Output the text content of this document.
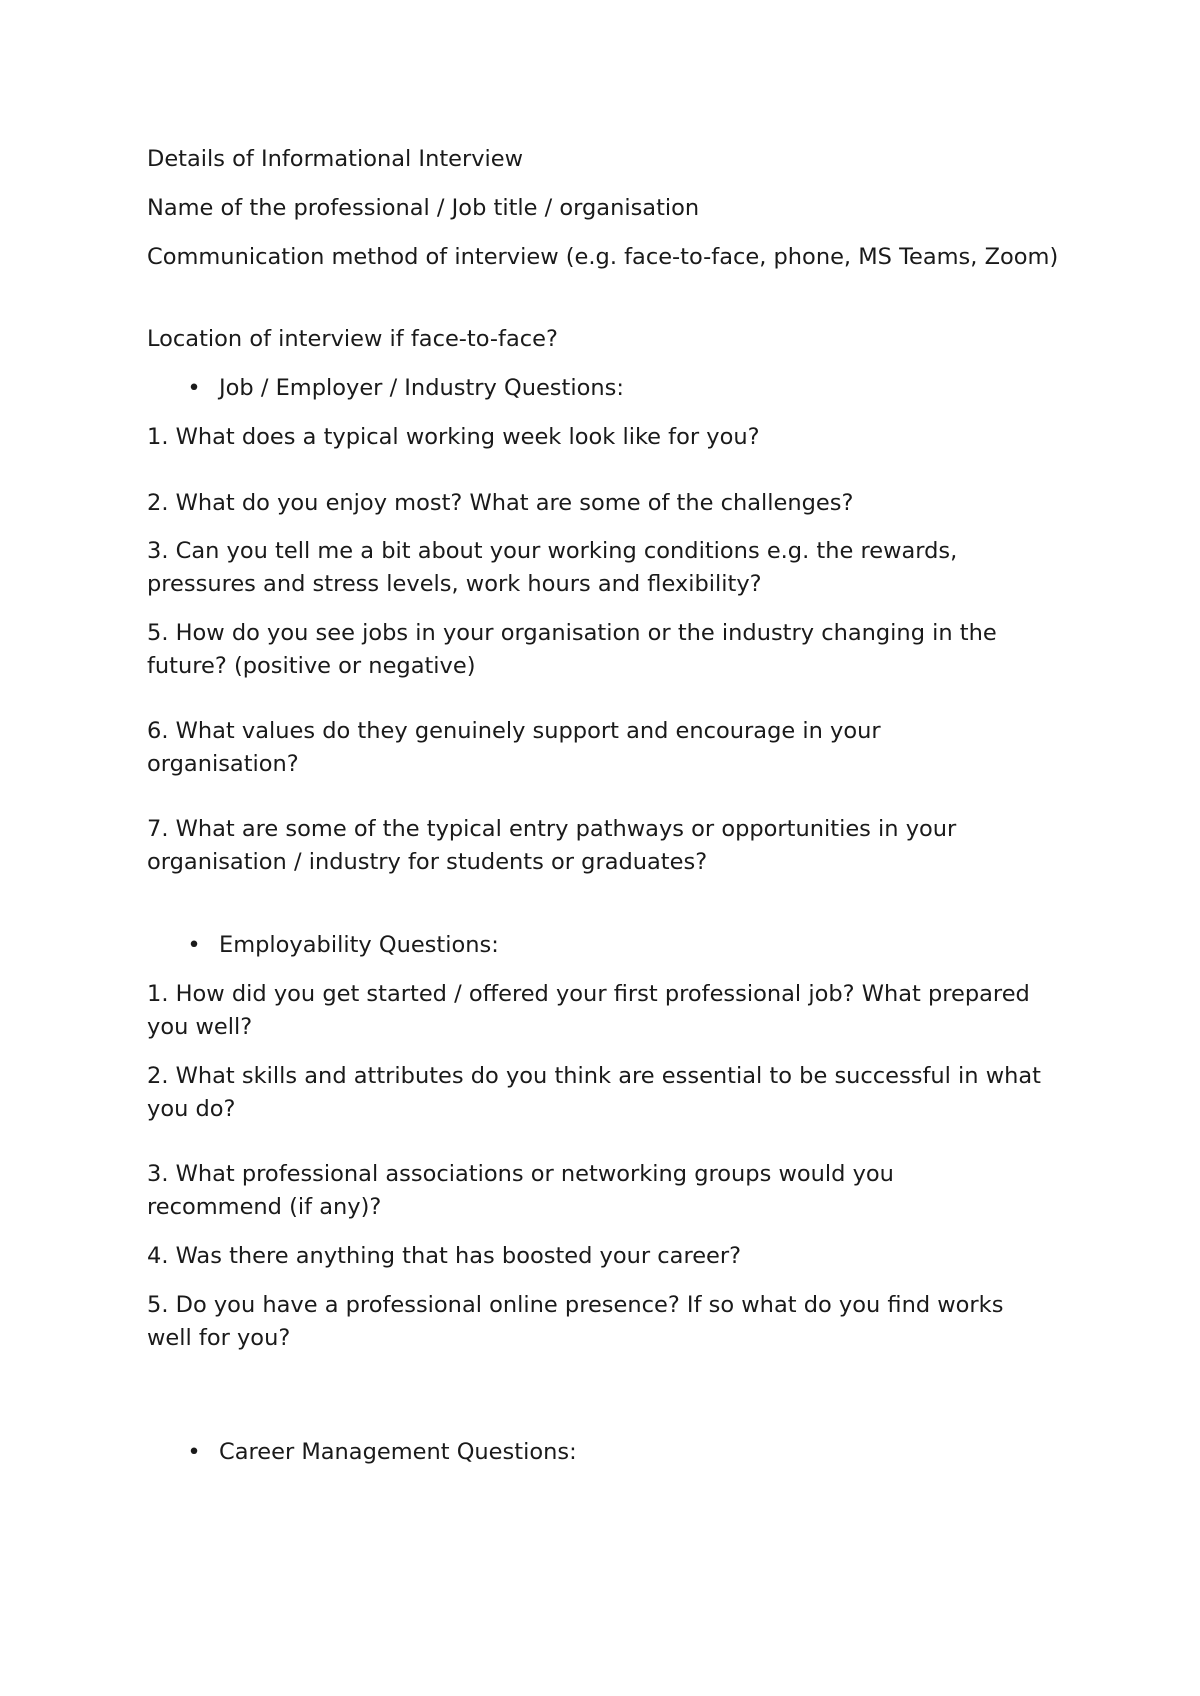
Details of Informational Interview

Name of the professional / Job title / organisation

Communication method of interview (e.g. face-to-face, phone, MS Teams, Zoom)

Location of interview if face-to-face?

• Job / Employer / Industry Questions:

1. What does a typical working week look like for you?

2. What do you enjoy most? What are some of the challenges?

3. Can you tell me a bit about your working conditions e.g. the rewards, pressures and stress levels, work hours and flexibility?

5. How do you see jobs in your organisation or the industry changing in the future? (positive or negative)

6. What values do they genuinely support and encourage in your organisation?

7. What are some of the typical entry pathways or opportunities in your organisation / industry for students or graduates?

• Employability Questions:

1. How did you get started / offered your first professional job? What prepared you well?

2. What skills and attributes do you think are essential to be successful in what you do?

3. What professional associations or networking groups would you recommend (if any)?

4. Was there anything that has boosted your career?

5. Do you have a professional online presence? If so what do you find works well for you?

• Career Management Questions:
